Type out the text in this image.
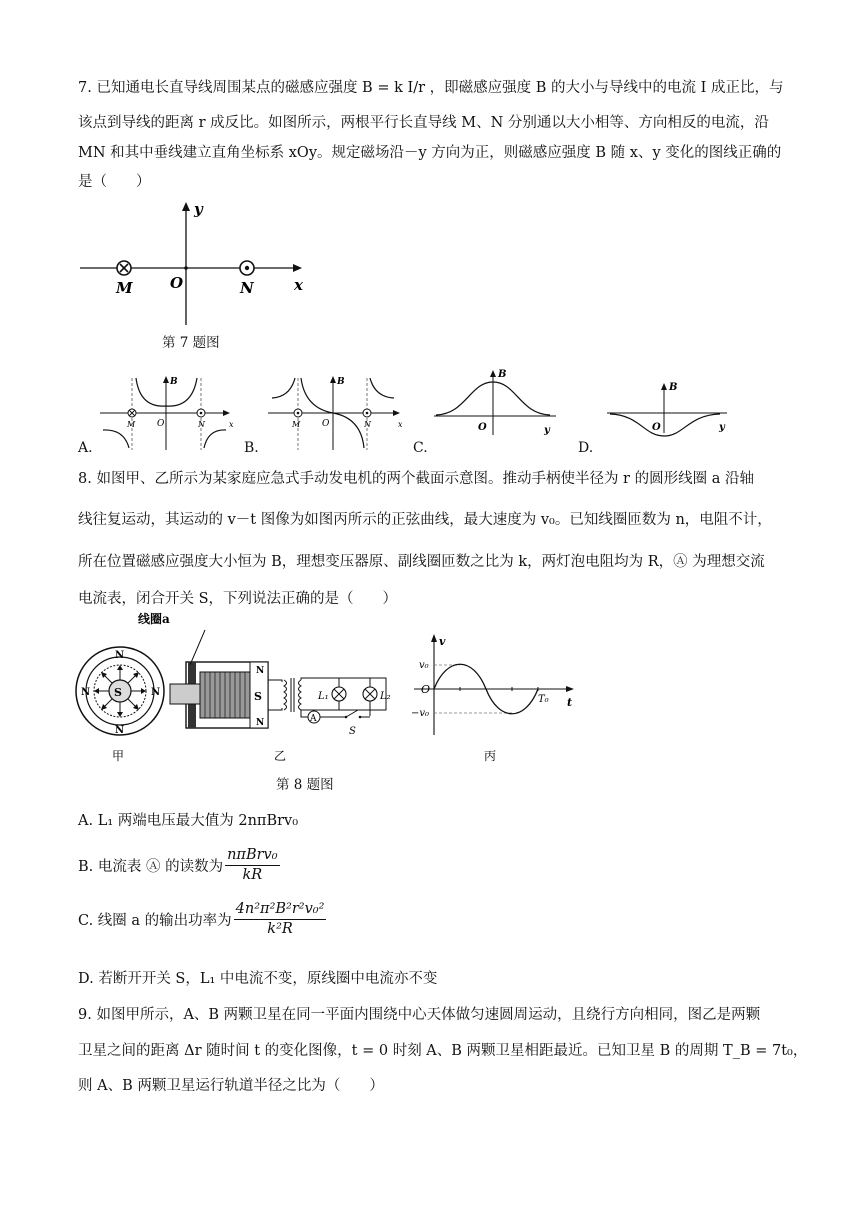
7. 已知通电长直导线周围某点的磁感应强度 B = k I/r ，即磁感应强度 B 的大小与导线中的电流 I 成正比，与
该点到导线的距离 r 成反比。如图所示，两根平行长直导线 M、N 分别通以大小相等、方向相反的电流，沿
MN 和其中垂线建立直角坐标系 xOy。规定磁场沿－y 方向为正，则磁感应强度 B 随 x、y 变化的图线正确的
是（　　）
y
x
O
M	N
第 7 题图
B
O
M	N	x
B
O
M	N	x
B
O	y
B
O	y
A.	B.	C.	D.
8. 如图甲、乙所示为某家庭应急式手动发电机的两个截面示意图。推动手柄使半径为 r 的圆形线圈 a 沿轴
线往复运动，其运动的 v－t 图像为如图丙所示的正弦曲线，最大速度为 v₀。已知线圈匝数为 n，电阻不计，
所在位置磁感应强度大小恒为 B，理想变压器原、副线圈匝数之比为 k，两灯泡电阻均为 R，Ⓐ 为理想交流
电流表，闭合开关 S，下列说法正确的是（　　）
S
N
N
N	N	S
N
N	A
L₁	L₂
S
v
t
v₀
−v₀
O
T₀
线圈a
甲	乙	丙
第 8 题图
A. L₁ 两端电压最大值为 2nπBrv₀
B. 电流表 Ⓐ 的读数为 $\frac{\text{nπBrv₀}}{kR}$
C. 线圈 a 的输出功率为 $\frac{\text{4n²π²B²r²v₀²}}{\text{k²R}}$
D. 若断开开关 S，L₁ 中电流不变，原线圈中电流亦不变
9. 如图甲所示，A、B 两颗卫星在同一平面内围绕中心天体做匀速圆周运动，且绕行方向相同，图乙是两颗
卫星之间的距离 Δr 随时间 t 的变化图像，t = 0 时刻 A、B 两颗卫星相距最近。已知卫星 B 的周期 T_B = 7t₀，
则 A、B 两颗卫星运行轨道半径之比为（　　）
